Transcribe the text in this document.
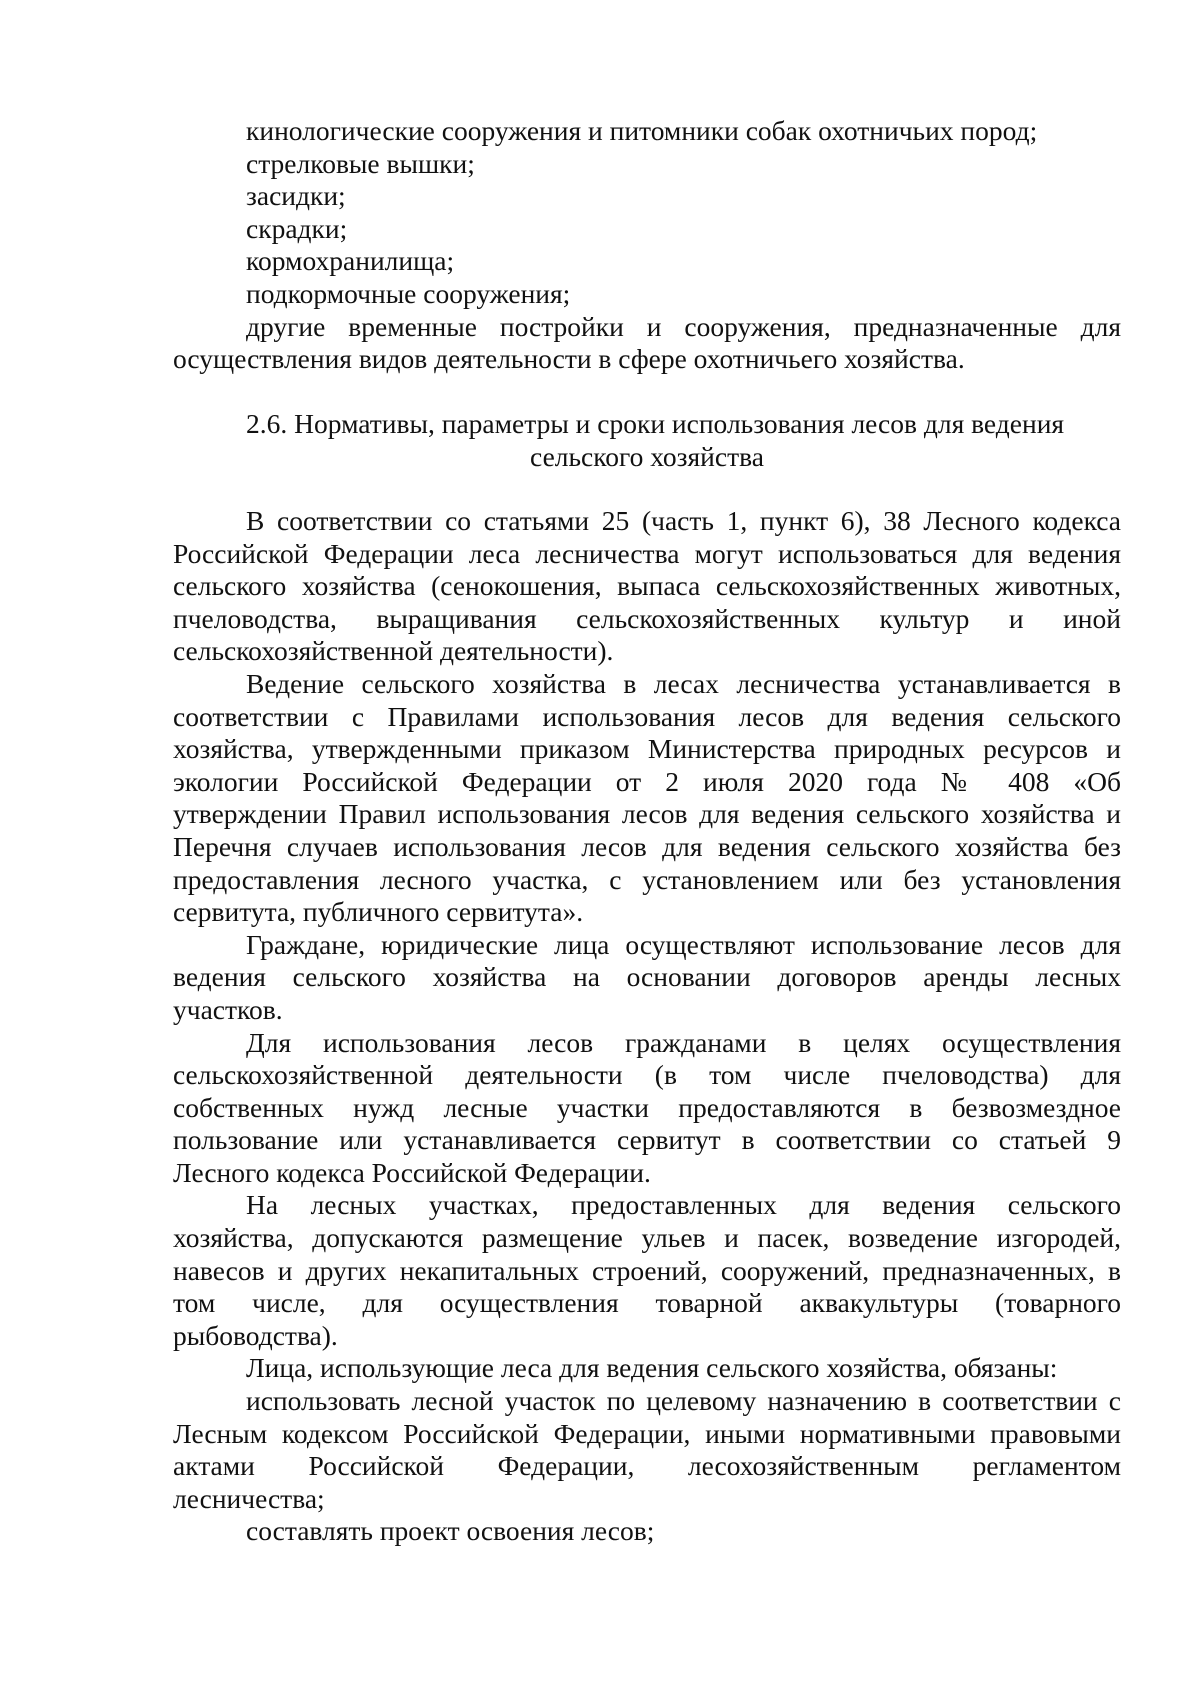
кинологические сооружения и питомники собак охотничьих пород;
стрелковые вышки;
засидки;
скрадки;
кормохранилища;
подкормочные сооружения;
другие временные постройки и сооружения, предназначенные для
осуществления видов деятельности в сфере охотничьего хозяйства.
2.6. Нормативы, параметры и сроки использования лесов для ведения
сельского хозяйства
В соответствии со статьями 25 (часть 1, пункт 6), 38 Лесного кодекса
Российской Федерации леса лесничества могут использоваться для ведения
сельского хозяйства (сенокошения, выпаса сельскохозяйственных животных,
пчеловодства, выращивания сельскохозяйственных культур и иной
сельскохозяйственной деятельности).
Ведение сельского хозяйства в лесах лесничества устанавливается в
соответствии с Правилами использования лесов для ведения сельского
хозяйства, утвержденными приказом Министерства природных ресурсов и
экологии Российской Федерации от 2 июля 2020 года № 408 «Об
утверждении Правил использования лесов для ведения сельского хозяйства и
Перечня случаев использования лесов для ведения сельского хозяйства без
предоставления лесного участка, с установлением или без установления
сервитута, публичного сервитута».
Граждане, юридические лица осуществляют использование лесов для
ведения сельского хозяйства на основании договоров аренды лесных
участков.
Для использования лесов гражданами в целях осуществления
сельскохозяйственной деятельности (в том числе пчеловодства) для
собственных нужд лесные участки предоставляются в безвозмездное
пользование или устанавливается сервитут в соответствии со статьей 9
Лесного кодекса Российской Федерации.
На лесных участках, предоставленных для ведения сельского
хозяйства, допускаются размещение ульев и пасек, возведение изгородей,
навесов и других некапитальных строений, сооружений, предназначенных, в
том числе, для осуществления товарной аквакультуры (товарного
рыбоводства).
Лица, использующие леса для ведения сельского хозяйства, обязаны:
использовать лесной участок по целевому назначению в соответствии с
Лесным кодексом Российской Федерации, иными нормативными правовыми
актами Российской Федерации, лесохозяйственным регламентом
лесничества;
составлять проект освоения лесов;
